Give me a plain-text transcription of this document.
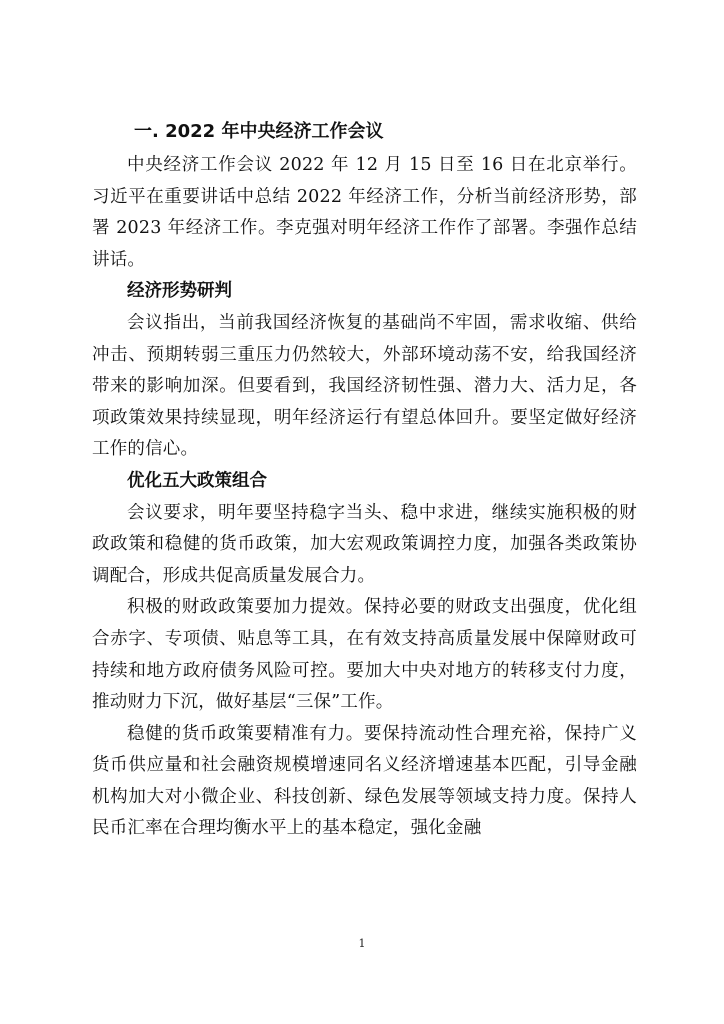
一. 2022 年中央经济工作会议

中央经济工作会议 2022 年 12 月 15 日至 16 日在北京举行。习近平在重要讲话中总结 2022 年经济工作，分析当前经济形势，部署 2023 年经济工作。李克强对明年经济工作作了部署。李强作总结讲话。

经济形势研判

会议指出，当前我国经济恢复的基础尚不牢固，需求收缩、供给冲击、预期转弱三重压力仍然较大，外部环境动荡不安，给我国经济带来的影响加深。但要看到，我国经济韧性强、潜力大、活力足，各项政策效果持续显现，明年经济运行有望总体回升。要坚定做好经济工作的信心。

优化五大政策组合

会议要求，明年要坚持稳字当头、稳中求进，继续实施积极的财政政策和稳健的货币政策，加大宏观政策调控力度，加强各类政策协调配合，形成共促高质量发展合力。

积极的财政政策要加力提效。保持必要的财政支出强度，优化组合赤字、专项债、贴息等工具，在有效支持高质量发展中保障财政可持续和地方政府债务风险可控。要加大中央对地方的转移支付力度，推动财力下沉，做好基层“三保”工作。

稳健的货币政策要精准有力。要保持流动性合理充裕，保持广义货币供应量和社会融资规模增速同名义经济增速基本匹配，引导金融机构加大对小微企业、科技创新、绿色发展等领域支持力度。保持人民币汇率在合理均衡水平上的基本稳定，强化金融

1
